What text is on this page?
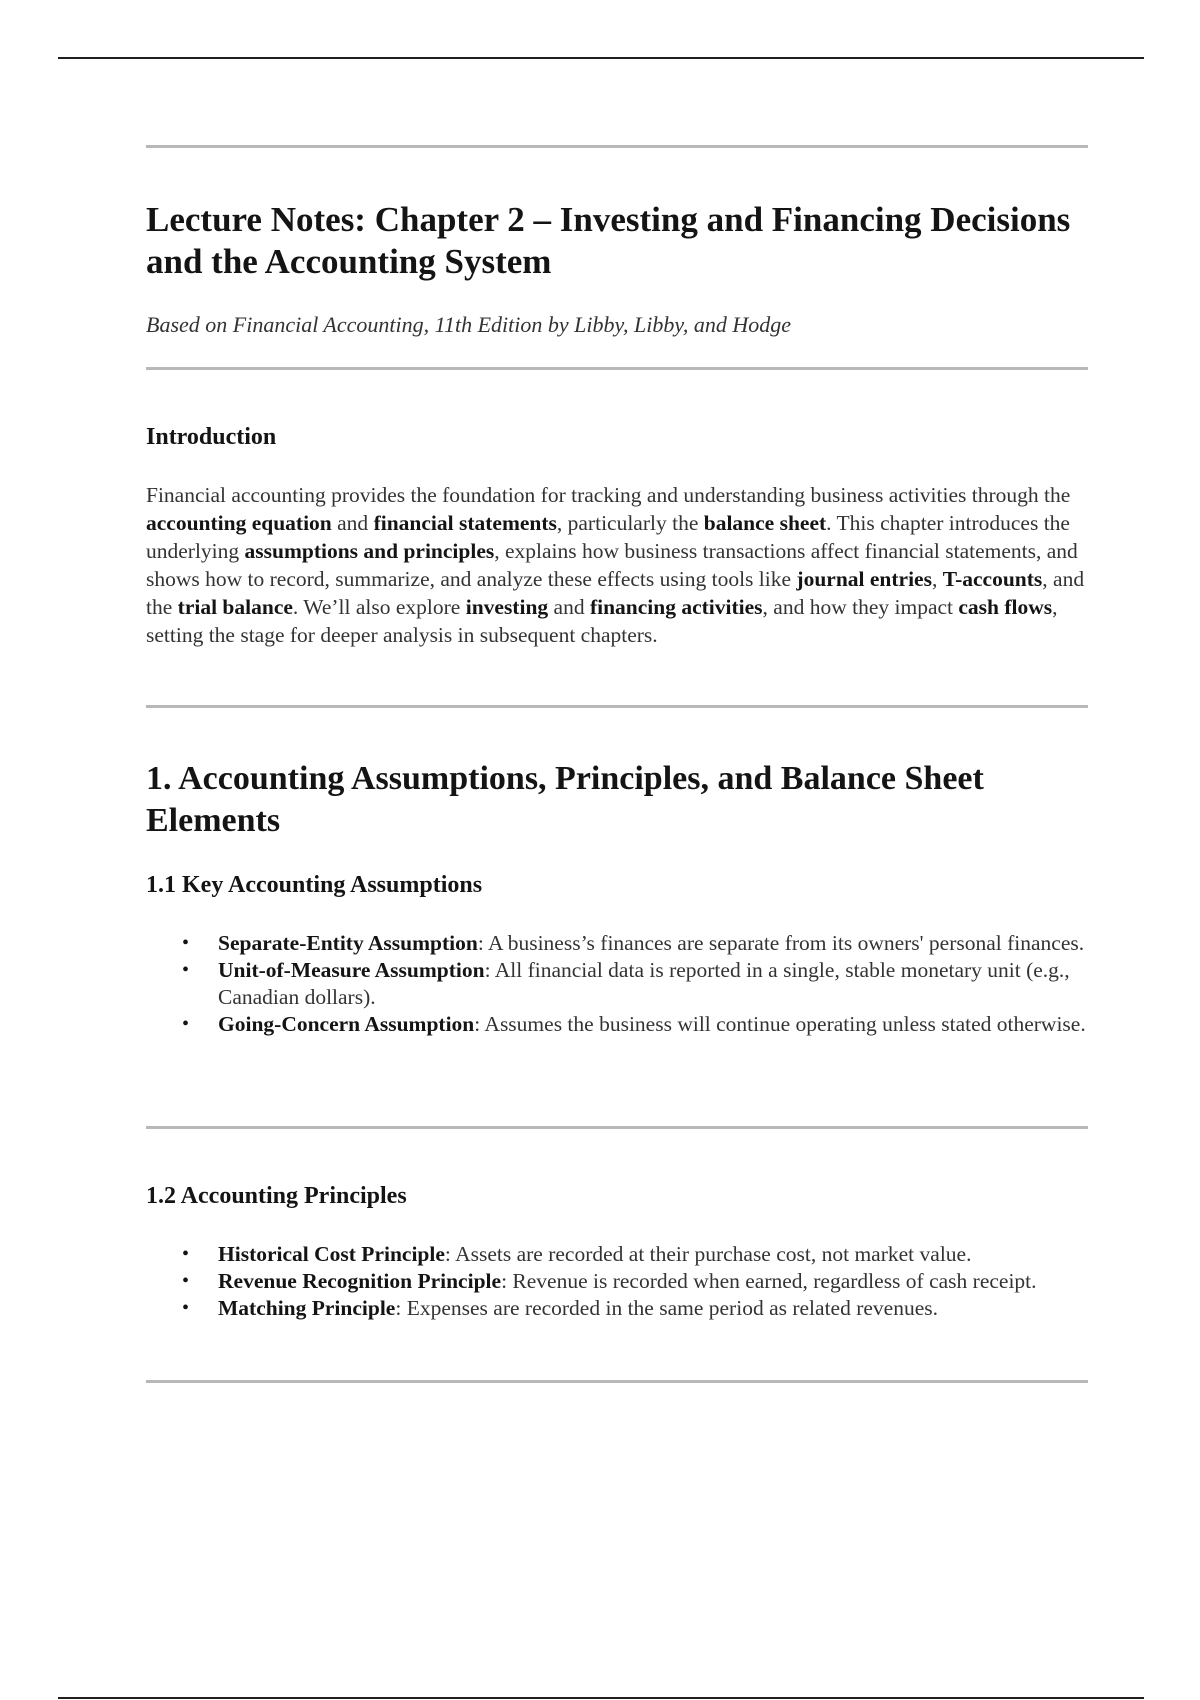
Lecture Notes: Chapter 2 – Investing and Financing Decisions and the Accounting System
Based on Financial Accounting, 11th Edition by Libby, Libby, and Hodge
Introduction

Financial accounting provides the foundation for tracking and understanding business activities through the accounting equation and financial statements, particularly the balance sheet. This chapter introduces the underlying assumptions and principles, explains how business transactions affect financial statements, and shows how to record, summarize, and analyze these effects using tools like journal entries, T-accounts, and the trial balance. We’ll also explore investing and financing activities, and how they impact cash flows, setting the stage for deeper analysis in subsequent chapters.

1. Accounting Assumptions, Principles, and Balance Sheet Elements
1.1 Key Accounting Assumptions
• Separate-Entity Assumption: A business’s finances are separate from its owners' personal finances.
• Unit-of-Measure Assumption: All financial data is reported in a single, stable monetary unit (e.g., Canadian dollars).
• Going-Concern Assumption: Assumes the business will continue operating unless stated otherwise.
1.2 Accounting Principles
• Historical Cost Principle: Assets are recorded at their purchase cost, not market value.
• Revenue Recognition Principle: Revenue is recorded when earned, regardless of cash receipt.
• Matching Principle: Expenses are recorded in the same period as related revenues.
